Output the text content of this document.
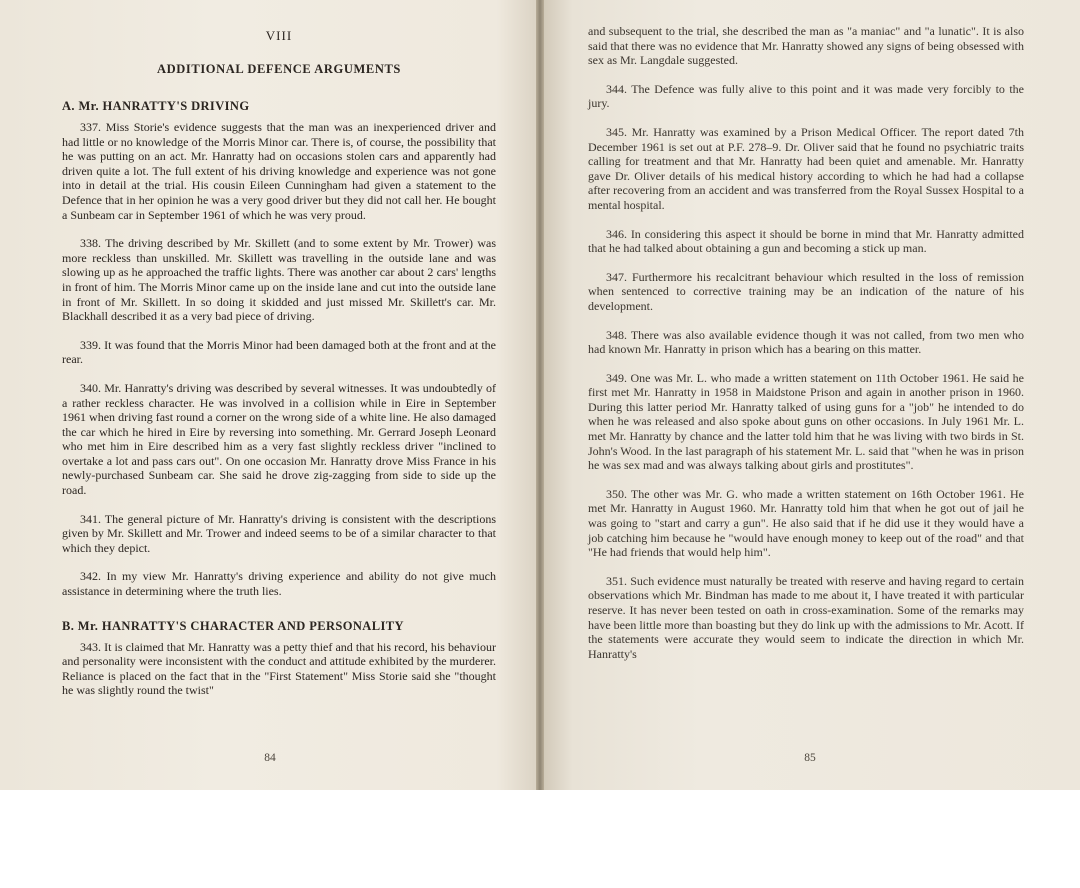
VIII
ADDITIONAL DEFENCE ARGUMENTS
A. Mr. HANRATTY'S DRIVING

337. Miss Storie's evidence suggests that the man was an inexperienced driver and had little or no knowledge of the Morris Minor car. There is, of course, the possibility that he was putting on an act. Mr. Hanratty had on occasions stolen cars and apparently had driven quite a lot. The full extent of his driving knowledge and experience was not gone into in detail at the trial. His cousin Eileen Cunningham had given a statement to the Defence that in her opinion he was a very good driver but they did not call her. He bought a Sunbeam car in September 1961 of which he was very proud.

338. The driving described by Mr. Skillett (and to some extent by Mr. Trower) was more reckless than unskilled. Mr. Skillett was travelling in the outside lane and was slowing up as he approached the traffic lights. There was another car about 2 cars' lengths in front of him. The Morris Minor came up on the inside lane and cut into the outside lane in front of Mr. Skillett. In so doing it skidded and just missed Mr. Skillett's car. Mr. Blackhall described it as a very bad piece of driving.

339. It was found that the Morris Minor had been damaged both at the front and at the rear.

340. Mr. Hanratty's driving was described by several witnesses. It was undoubtedly of a rather reckless character. He was involved in a collision while in Eire in September 1961 when driving fast round a corner on the wrong side of a white line. He also damaged the car which he hired in Eire by reversing into something. Mr. Gerrard Joseph Leonard who met him in Eire described him as a very fast slightly reckless driver "inclined to overtake a lot and pass cars out". On one occasion Mr. Hanratty drove Miss France in his newly-purchased Sunbeam car. She said he drove zig-zagging from side to side up the road.

341. The general picture of Mr. Hanratty's driving is consistent with the descriptions given by Mr. Skillett and Mr. Trower and indeed seems to be of a similar character to that which they depict.

342. In my view Mr. Hanratty's driving experience and ability do not give much assistance in determining where the truth lies.

B. Mr. HANRATTY'S CHARACTER AND PERSONALITY

343. It is claimed that Mr. Hanratty was a petty thief and that his record, his behaviour and personality were inconsistent with the conduct and attitude exhibited by the murderer. Reliance is placed on the fact that in the "First Statement" Miss Storie said she "thought he was slightly round the twist"

84

and subsequent to the trial, she described the man as "a maniac" and "a lunatic". It is also said that there was no evidence that Mr. Hanratty showed any signs of being obsessed with sex as Mr. Langdale suggested.

344. The Defence was fully alive to this point and it was made very forcibly to the jury.

345. Mr. Hanratty was examined by a Prison Medical Officer. The report dated 7th December 1961 is set out at P.F. 278–9. Dr. Oliver said that he found no psychiatric traits calling for treatment and that Mr. Hanratty had been quiet and amenable. Mr. Hanratty gave Dr. Oliver details of his medical history according to which he had had a collapse after recovering from an accident and was transferred from the Royal Sussex Hospital to a mental hospital.

346. In considering this aspect it should be borne in mind that Mr. Hanratty admitted that he had talked about obtaining a gun and becoming a stick up man.

347. Furthermore his recalcitrant behaviour which resulted in the loss of remission when sentenced to corrective training may be an indication of the nature of his development.

348. There was also available evidence though it was not called, from two men who had known Mr. Hanratty in prison which has a bearing on this matter.

349. One was Mr. L. who made a written statement on 11th October 1961. He said he first met Mr. Hanratty in 1958 in Maidstone Prison and again in another prison in 1960. During this latter period Mr. Hanratty talked of using guns for a "job" he intended to do when he was released and also spoke about guns on other occasions. In July 1961 Mr. L. met Mr. Hanratty by chance and the latter told him that he was living with two birds in St. John's Wood. In the last paragraph of his statement Mr. L. said that "when he was in prison he was sex mad and was always talking about girls and prostitutes".

350. The other was Mr. G. who made a written statement on 16th October 1961. He met Mr. Hanratty in August 1960. Mr. Hanratty told him that when he got out of jail he was going to "start and carry a gun". He also said that if he did use it they would have a job catching him because he "would have enough money to keep out of the road" and that "He had friends that would help him".

351. Such evidence must naturally be treated with reserve and having regard to certain observations which Mr. Bindman has made to me about it, I have treated it with particular reserve. It has never been tested on oath in cross-examination. Some of the remarks may have been little more than boasting but they do link up with the admissions to Mr. Acott. If the statements were accurate they would seem to indicate the direction in which Mr. Hanratty's

85
